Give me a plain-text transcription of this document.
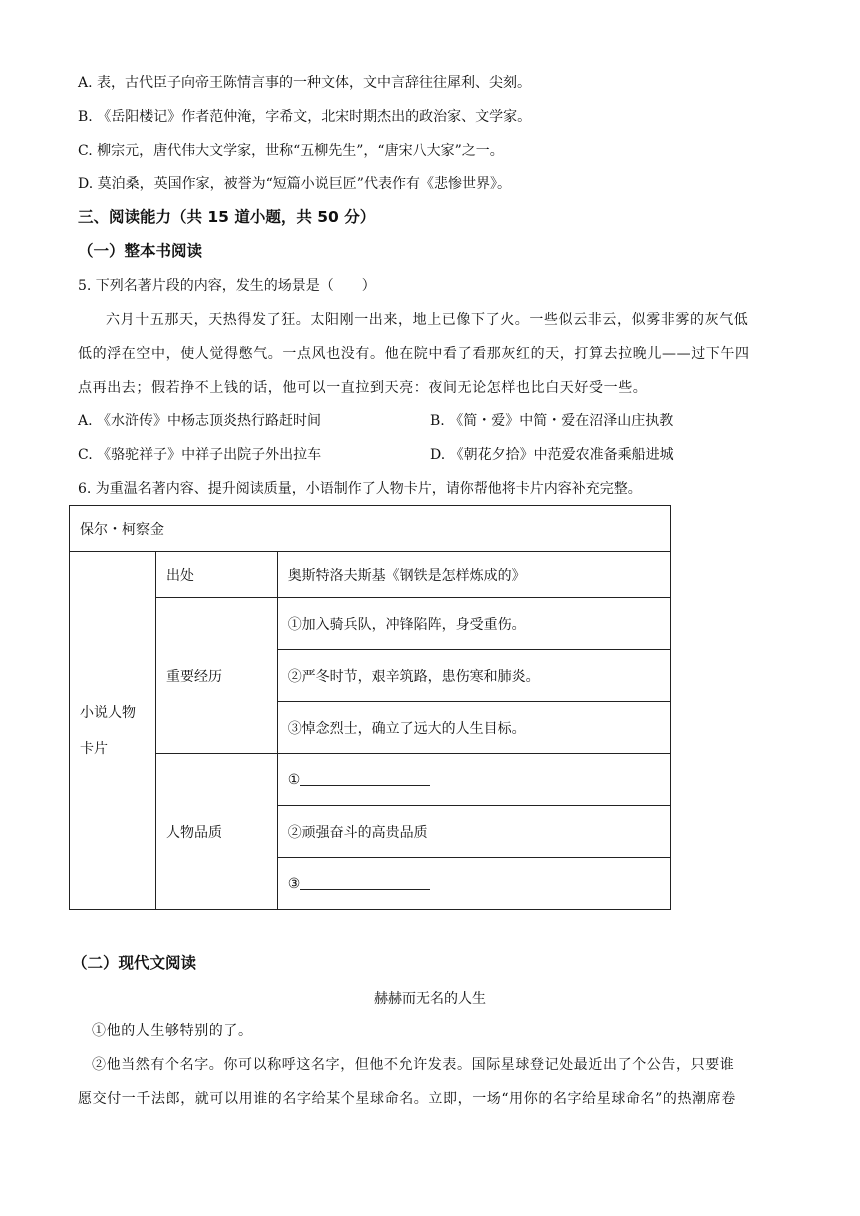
A. 表，古代臣子向帝王陈情言事的一种文体，文中言辞往往犀利、尖刻。
B. 《岳阳楼记》作者范仲淹，字希文，北宋时期杰出的政治家、文学家。
C. 柳宗元，唐代伟大文学家，世称“五柳先生”，“唐宋八大家”之一。
D. 莫泊桑，英国作家，被誉为“短篇小说巨匠”代表作有《悲惨世界》。
三、阅读能力（共 15 道小题，共 50 分）
（一）整本书阅读
5. 下列名著片段的内容，发生的场景是（　　）
六月十五那天，天热得发了狂。太阳刚一出来，地上已像下了火。一些似云非云，似雾非雾的灰气低
低的浮在空中，使人觉得憋气。一点风也没有。他在院中看了看那灰红的天，打算去拉晚儿——过下午四
点再出去；假若挣不上钱的话，他可以一直拉到天亮：夜间无论怎样也比白天好受一些。
A. 《水浒传》中杨志顶炎热行路赶时间	B. 《简・爱》中简・爱在沼泽山庄执教
C. 《骆驼祥子》中祥子出院子外出拉车	D. 《朝花夕拾》中范爱农准备乘船进城
6. 为重温名著内容、提升阅读质量，小语制作了人物卡片，请你帮他将卡片内容补充完整。
保尔・柯察金		
小说人物卡片	出处	奥斯特洛夫斯基《钢铁是怎样炼成的》
	重要经历	①加入骑兵队，冲锋陷阵，身受重伤。
		②严冬时节，艰辛筑路，患伤寒和肺炎。
		③悼念烈士，确立了远大的人生目标。
	人物品质	①
		②顽强奋斗的高贵品质
		③
（二）现代文阅读
赫赫而无名的人生
①他的人生够特别的了。
②他当然有个名字。你可以称呼这名字，但他不允许发表。国际星球登记处最近出了个公告，只要谁
愿交付一千法郎，就可以用谁的名字给某个星球命名。立即，一场“用你的名字给星球命名”的热潮席卷
